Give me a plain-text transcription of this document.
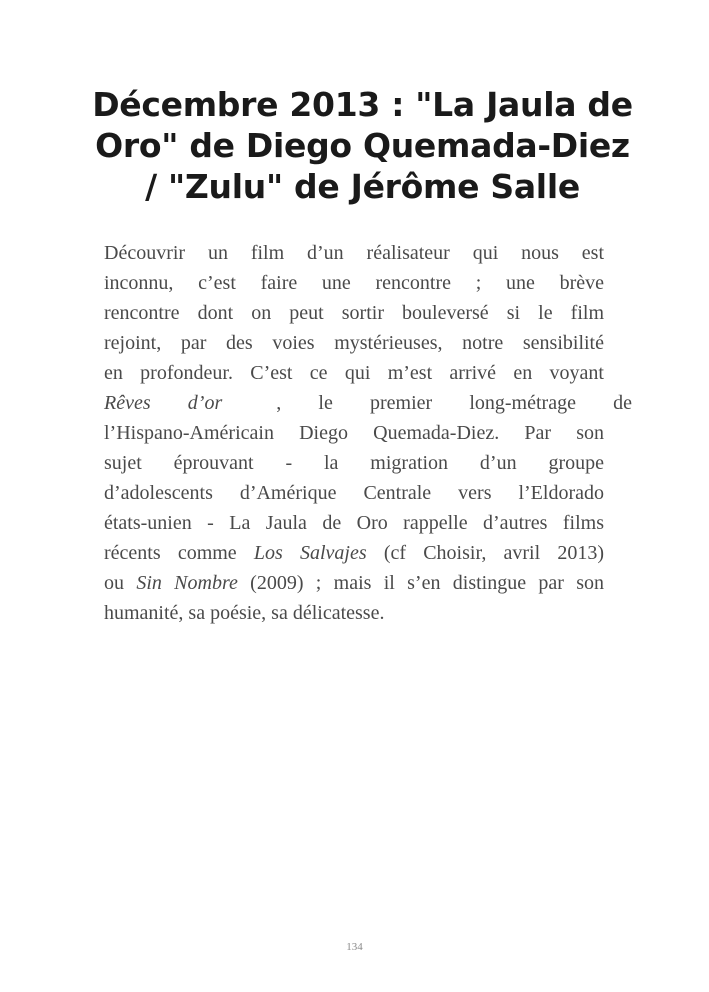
Décembre 2013 : "La Jaula de
Oro" de Diego Quemada-Diez
/ "Zulu" de Jérôme Salle
Découvrir un film d’un réalisateur qui nous est
inconnu, c’est faire une rencontre ; une brève
rencontre dont on peut sortir bouleversé si le film
rejoint, par des voies mystérieuses, notre sensibilité
en profondeur. C’est ce qui m’est arrivé en voyant
Rêves d’or	, le premier long-métrage de
l’Hispano-Américain Diego Quemada-Diez. Par son
sujet éprouvant - la migration d’un groupe
d’adolescents d’Amérique Centrale vers l’Eldorado
états-unien - La Jaula de Oro rappelle d’autres films
récents comme Los Salvajes (cf Choisir, avril 2013)
ou Sin Nombre (2009) ; mais il s’en distingue par son
humanité, sa poésie, sa délicatesse.
134
